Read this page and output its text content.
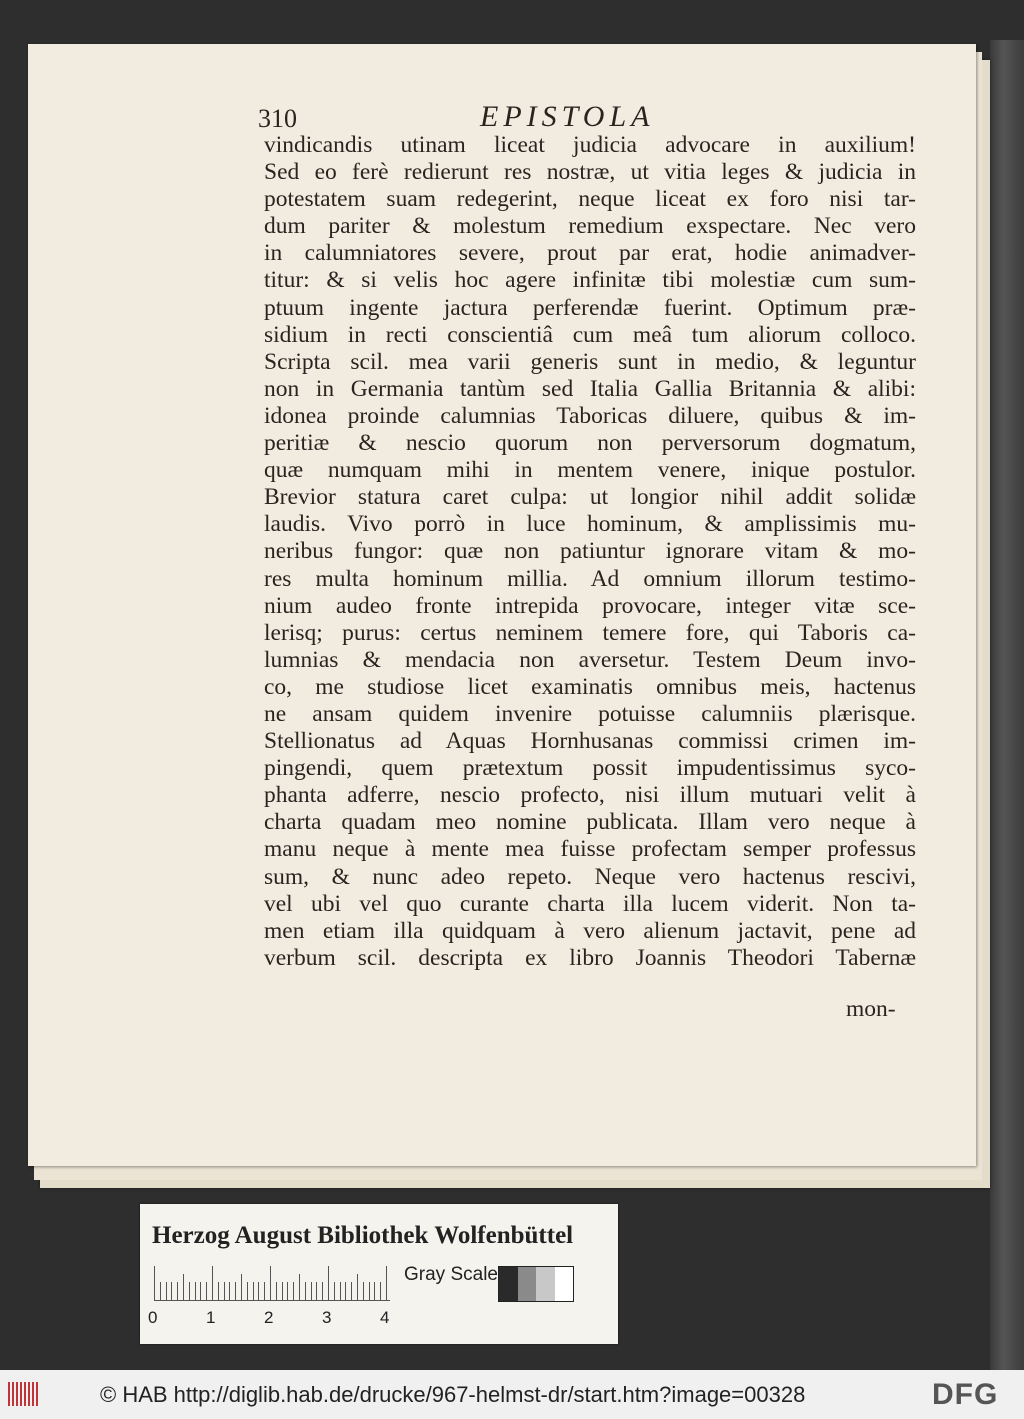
310	EPISTOLA
vindicandis utinam liceat judicia advocare in auxilium!
Sed eo ferè redierunt res nostræ, ut vitia leges & judicia in
potestatem suam redegerint, neque liceat ex foro nisi tar-
dum pariter & molestum remedium exspectare. Nec vero
in calumniatores severe, prout par erat, hodie animadver-
titur: & si velis hoc agere infinitæ tibi molestiæ cum sum-
ptuum ingente jactura perferendæ fuerint. Optimum præ-
sidium in recti conscientiâ cum meâ tum aliorum colloco.
Scripta scil. mea varii generis sunt in medio, & leguntur
non in Germania tantùm sed Italia Gallia Britannia & alibi:
idonea proinde calumnias Taboricas diluere, quibus & im-
peritiæ & nescio quorum non perversorum dogmatum,
quæ numquam mihi in mentem venere, inique postulor.
Brevior statura caret culpa: ut longior nihil addit solidæ
laudis. Vivo porrò in luce hominum, & amplissimis mu-
neribus fungor: quæ non patiuntur ignorare vitam & mo-
res multa hominum millia. Ad omnium illorum testimo-
nium audeo fronte intrepida provocare, integer vitæ sce-
lerisq; purus: certus neminem temere fore, qui Taboris ca-
lumnias & mendacia non aversetur. Testem Deum invo-
co, me studiose licet examinatis omnibus meis, hactenus
ne ansam quidem invenire potuisse calumniis plærisque.
Stellionatus ad Aquas Hornhusanas commissi crimen im-
pingendi, quem prætextum possit impudentissimus syco-
phanta adferre, nescio profecto, nisi illum mutuari velit à
charta quadam meo nomine publicata. Illam vero neque à
manu neque à mente mea fuisse profectam semper professus
sum, & nunc adeo repeto. Neque vero hactenus rescivi,
vel ubi vel quo curante charta illa lucem viderit. Non ta-
men etiam illa quidquam à vero alienum jactavit, pene ad
verbum scil. descripta ex libro Joannis Theodori Tabernæ
mon-
Herzog August Bibliothek Wolfenbüttel
0	1	2	3	4
Gray Scale
© HAB http://diglib.hab.de/drucke/967-helmst-dr/start.htm?image=00328	DFG
